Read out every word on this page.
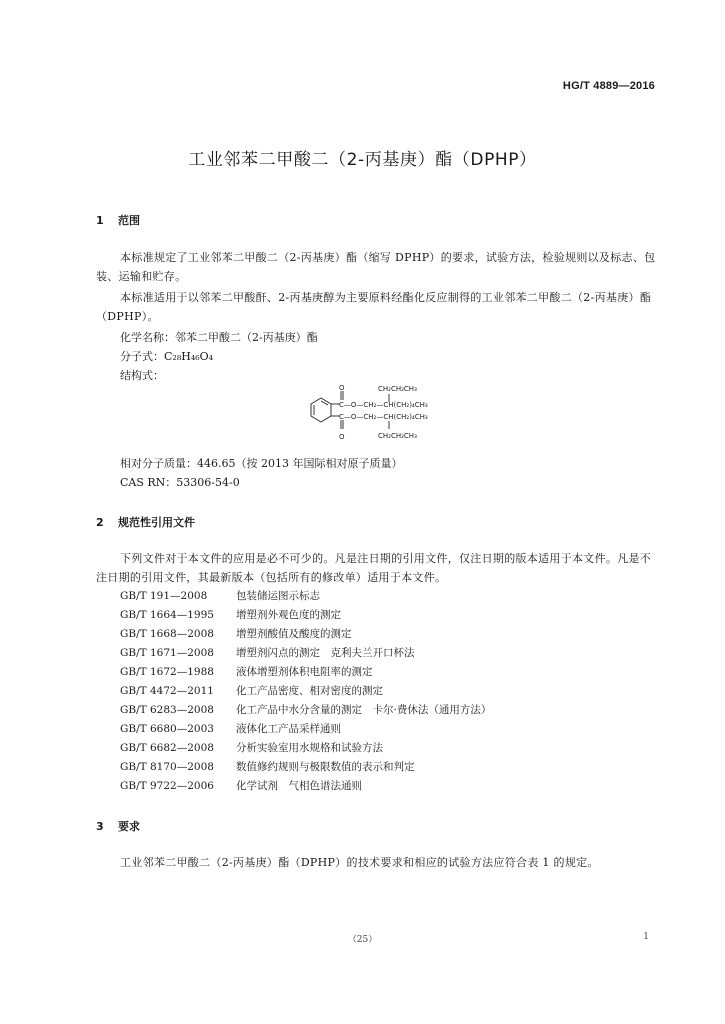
HG/T 4889—2016
工业邻苯二甲酸二（2-丙基庚）酯（DPHP）
1 范围
本标准规定了工业邻苯二甲酸二（2-丙基庚）酯（缩写 DPHP）的要求，试验方法，检验规则以及标志、包装、运输和贮存。
本标准适用于以邻苯二甲酸酐、2-丙基庚醇为主要原料经酯化反应制得的工业邻苯二甲酸二（2-丙基庚）酯（DPHP）。
化学名称：邻苯二甲酸二（2-丙基庚）酯
分子式：C₂₈H₄₆O₄
结构式：
O
O
CH₂CH₂CH₃
C—O—CH₂—CH(CH₂)₄CH₃
C—O—CH₂—CH(CH₂)₄CH₃
CH₂CH₂CH₃
相对分子质量：446.65（按 2013 年国际相对原子质量）
CAS RN：53306-54-0
2 规范性引用文件
下列文件对于本文件的应用是必不可少的。凡是注日期的引用文件，仅注日期的版本适用于本文件。凡是不注日期的引用文件，其最新版本（包括所有的修改单）适用于本文件。
GB/T 191—2008	包装储运图示标志
GB/T 1664—1995 增塑剂外观色度的测定
GB/T 1668—2008 增塑剂酸值及酸度的测定
GB/T 1671—2008 增塑剂闪点的测定　克利夫兰开口杯法
GB/T 1672—1988 液体增塑剂体积电阻率的测定
GB/T 4472—2011 化工产品密度、相对密度的测定
GB/T 6283—2008 化工产品中水分含量的测定　卡尔·费休法（通用方法）
GB/T 6680—2003 液体化工产品采样通则
GB/T 6682—2008 分析实验室用水规格和试验方法
GB/T 8170—2008 数值修约规则与极限数值的表示和判定
GB/T 9722—2006 化学试剂　气相色谱法通则
3 要求
工业邻苯二甲酸二（2-丙基庚）酯（DPHP）的技术要求和相应的试验方法应符合表 1 的规定。
（25）	1
